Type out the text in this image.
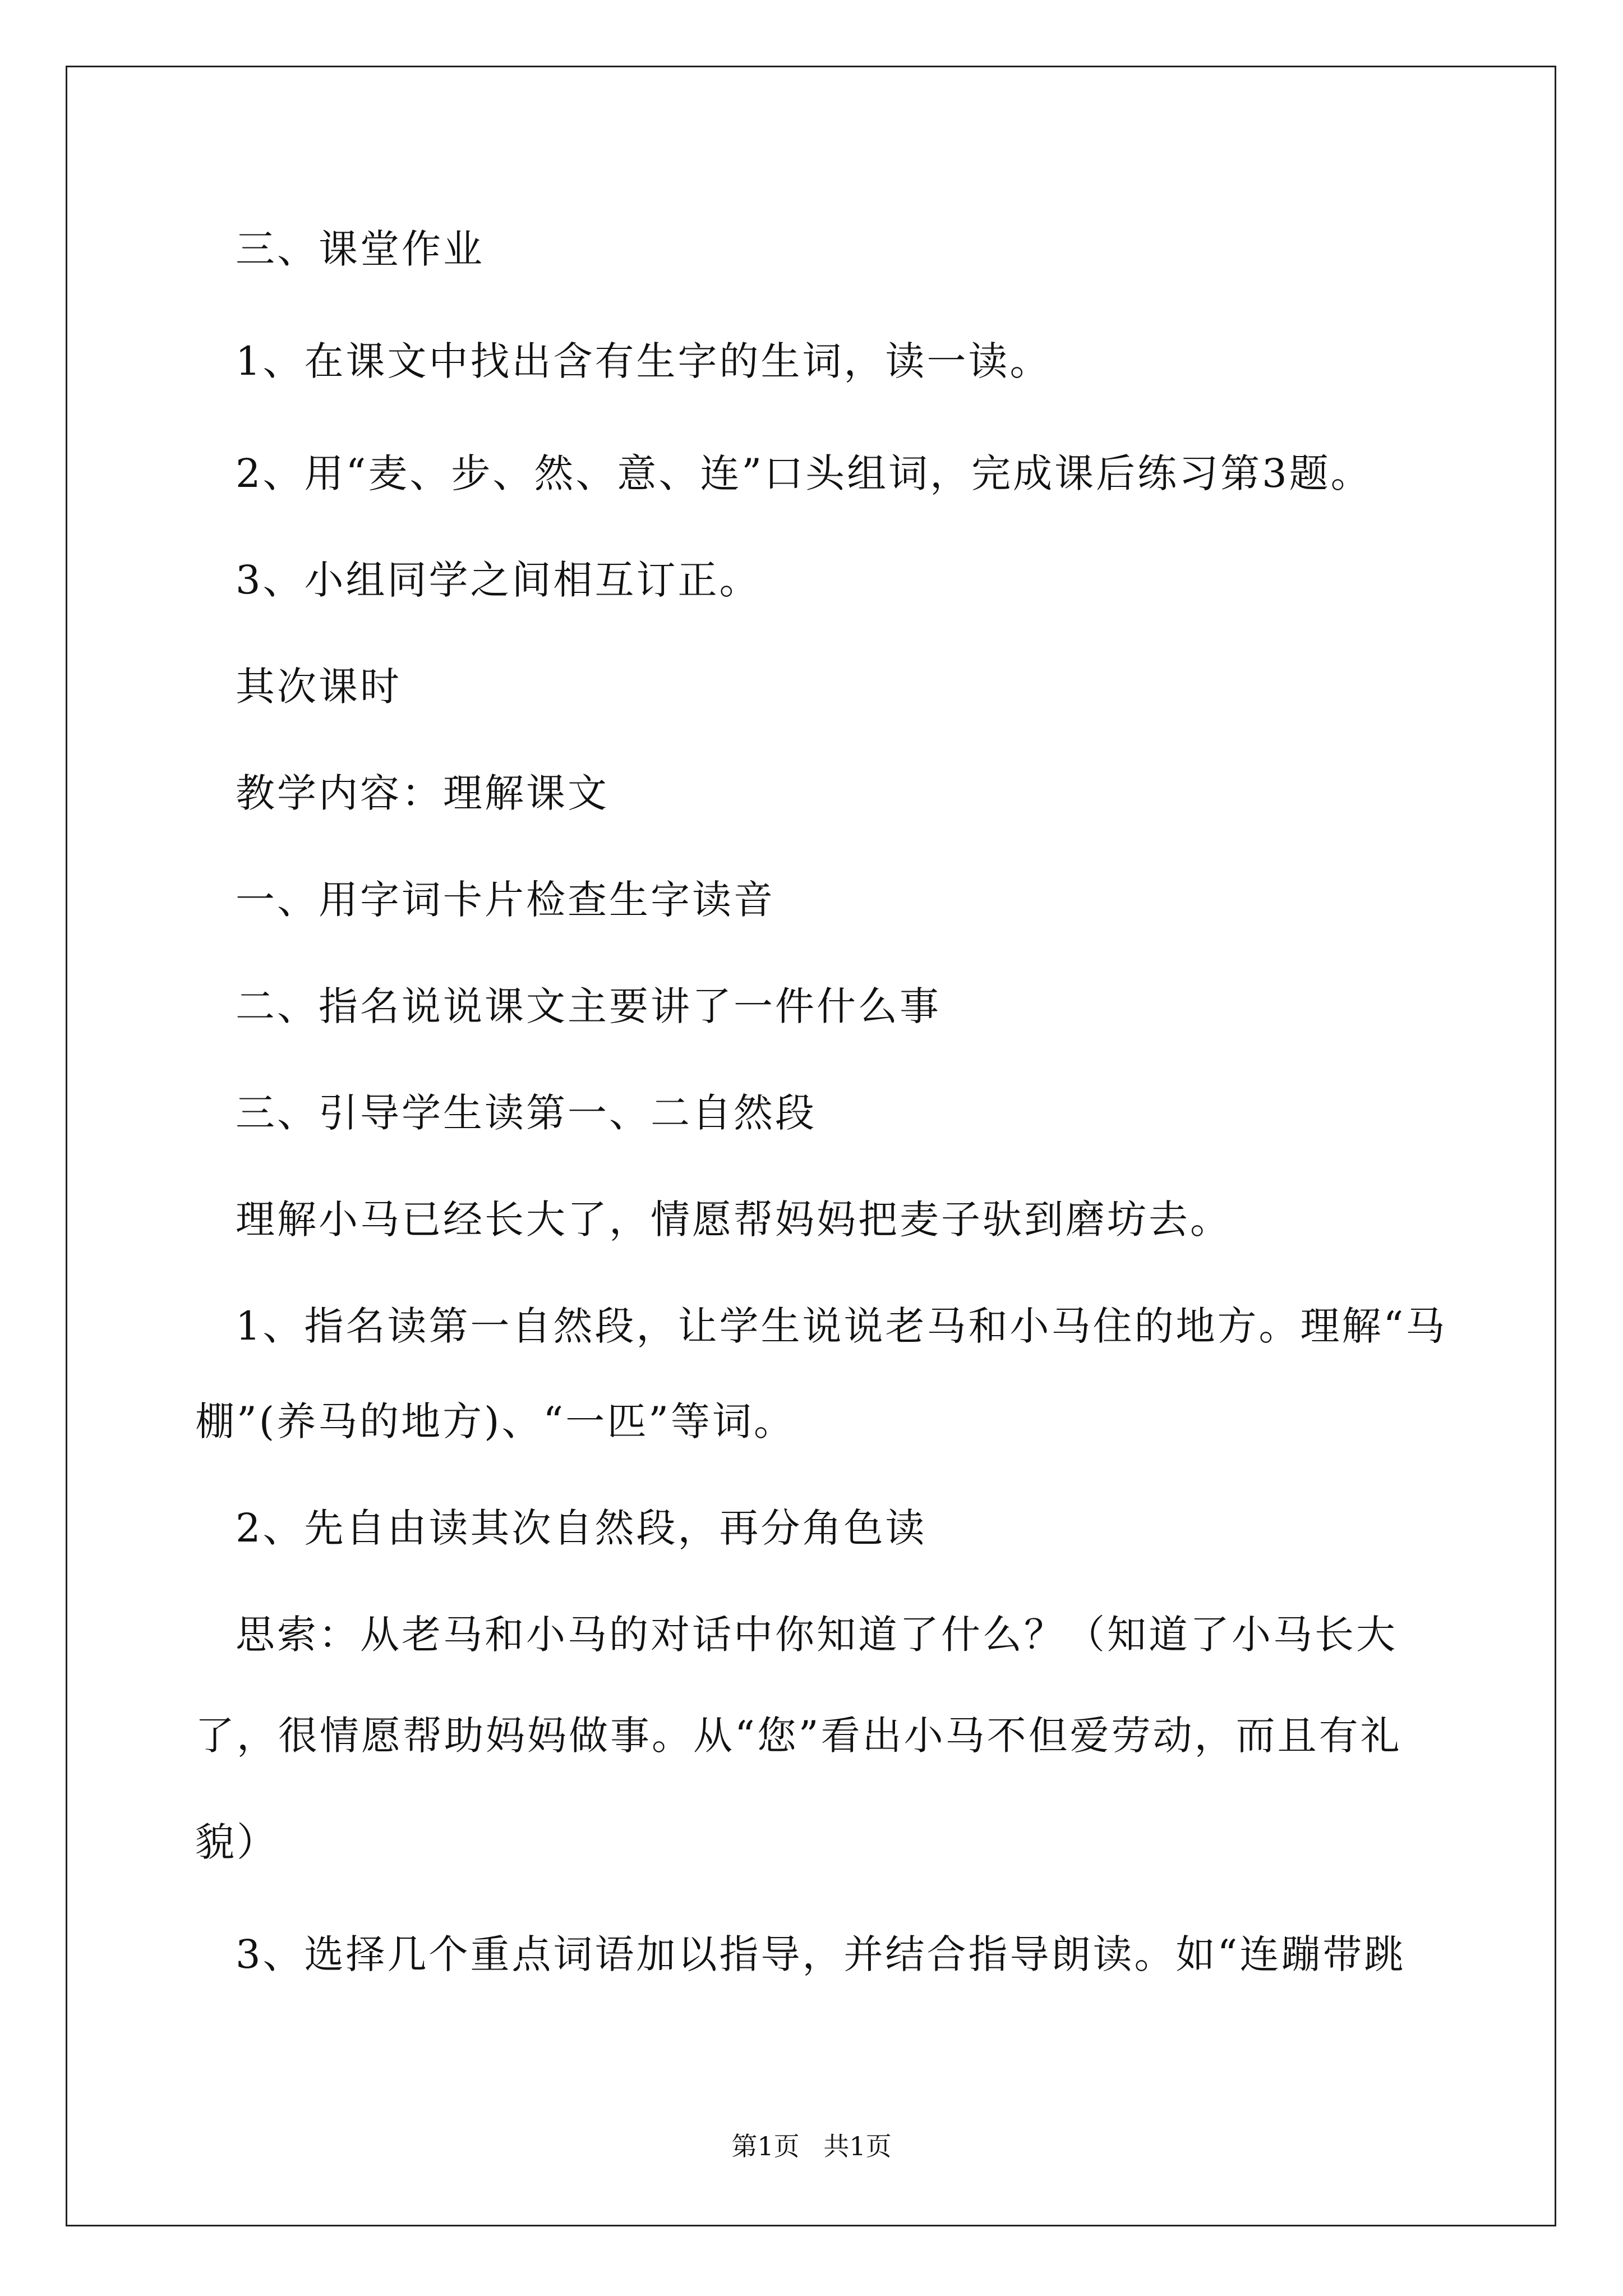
三、课堂作业
1、在课文中找出含有生字的生词，读一读。
2、用“麦、步、然、意、连”口头组词，完成课后练习第3题。
3、小组同学之间相互订正。
其次课时
教学内容：理解课文
一、用字词卡片检查生字读音
二、指名说说课文主要讲了一件什么事
三、引导学生读第一、二自然段
理解小马已经长大了，情愿帮妈妈把麦子驮到磨坊去。
1、指名读第一自然段，让学生说说老马和小马住的地方。理解“马
棚”(养马的地方)、“一匹”等词。
2、先自由读其次自然段，再分角色读
思索：从老马和小马的对话中你知道了什么？（知道了小马长大
了，很情愿帮助妈妈做事。从“您”看出小马不但爱劳动，而且有礼
貌）
3、选择几个重点词语加以指导，并结合指导朗读。如“连蹦带跳
第1页 共1页
